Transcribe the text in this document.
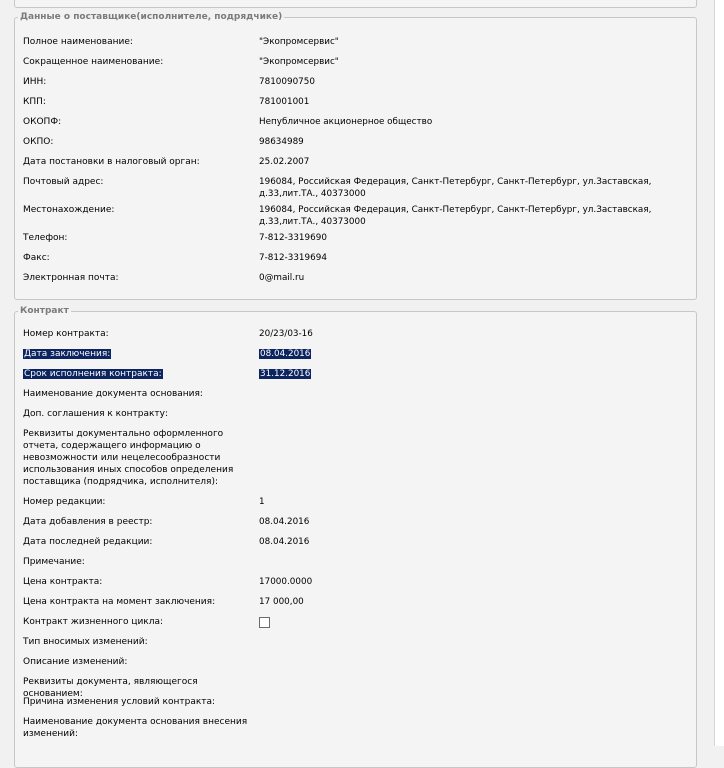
Данные о поставщике(исполнителе, подрядчике)
Полное наименование:	"Экопромсервис"
Сокращенное наименование:	"Экопромсервис"
ИНН:	7810090750
КПП:	781001001
ОКОПФ:	Непубличное акционерное общество
ОКПО:	98634989
Дата постановки в налоговый орган:	25.02.2007
Почтовый адрес:	196084, Российская Федерация, Санкт-Петербург, Санкт-Петербург, ул.Заставская, д.33,лит.ТА., 40373000
Местонахождение:	196084, Российская Федерация, Санкт-Петербург, Санкт-Петербург, ул.Заставская, д.33,лит.ТА., 40373000
Телефон:	7-812-3319690
Факс:	7-812-3319694
Электронная почта:	0@mail.ru
Контракт
Номер контракта:	20/23/03-16
Дата заключения:	08.04.2016
Срок исполнения контракта:	31.12.2016
Наименование документа основания:
Доп. соглашения к контракту:
Реквизиты документально оформленного отчета, содержащего информацию о невозможности или нецелесообразности использования иных способов определения поставщика (подрядчика, исполнителя):
Номер редакции:	1
Дата добавления в реестр:	08.04.2016
Дата последней редакции:	08.04.2016
Примечание:
Цена контракта:	17000.0000
Цена контракта на момент заключения:	17 000,00
Контракт жизненного цикла:
Тип вносимых изменений:
Описание изменений:
Реквизиты документа, являющегося основанием:
Причина изменения условий контракта:
Наименование документа основания внесения изменений:
